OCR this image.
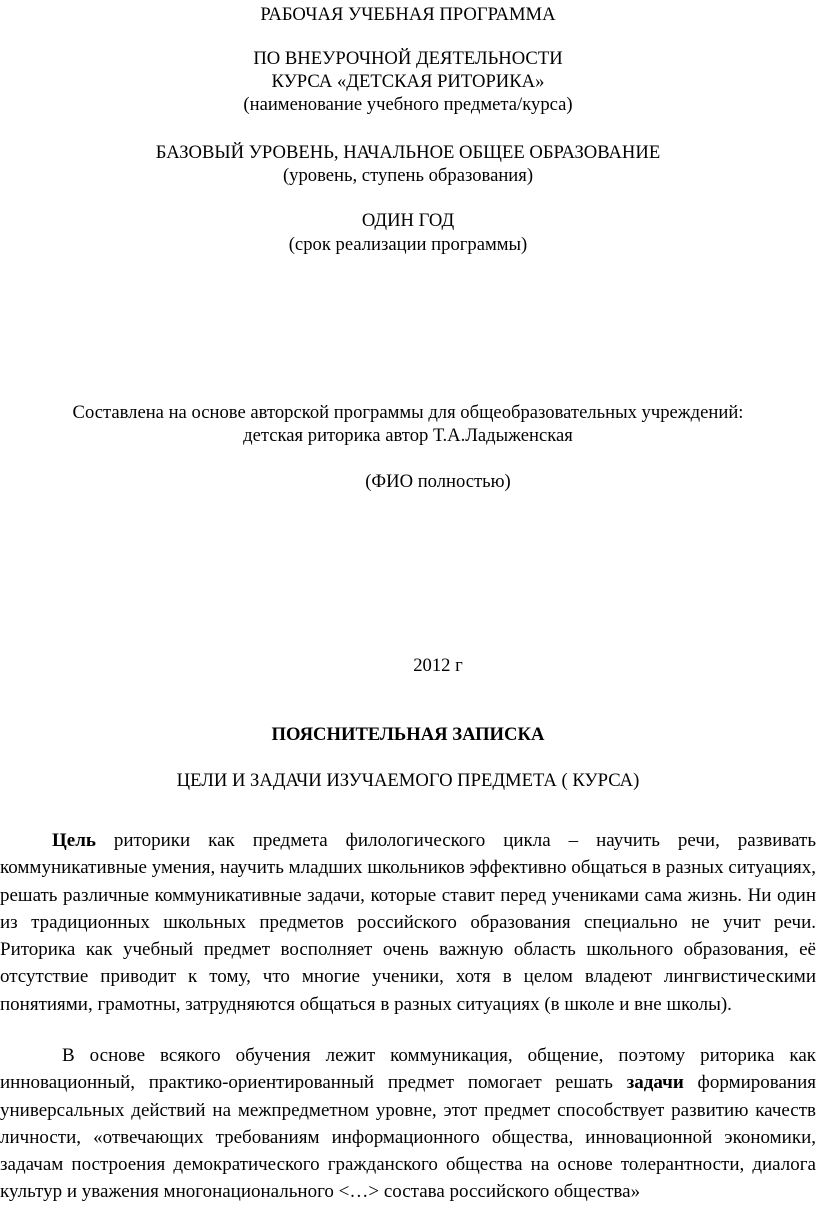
РАБОЧАЯ УЧЕБНАЯ ПРОГРАММА
ПО ВНЕУРОЧНОЙ ДЕЯТЕЛЬНОСТИ
КУРСА «ДЕТСКАЯ РИТОРИКА»
(наименование учебного предмета/курса)
БАЗОВЫЙ УРОВЕНЬ, НАЧАЛЬНОЕ ОБЩЕЕ ОБРАЗОВАНИЕ
(уровень, ступень образования)
ОДИН ГОД
(срок реализации программы)
Составлена на основе авторской программы для общеобразовательных учреждений:
детская риторика автор Т.А.Ладыженская
(ФИО полностью)
2012 г
ПОЯСНИТЕЛЬНАЯ ЗАПИСКА
ЦЕЛИ И ЗАДАЧИ ИЗУЧАЕМОГО ПРЕДМЕТА ( КУРСА)
Цель риторики как предмета филологического цикла – научить речи, развивать коммуникативные умения, научить младших школьников эффективно общаться в разных ситуациях, решать различные коммуникативные задачи, которые ставит перед учениками сама жизнь. Ни один из традиционных школьных предметов российского образования специально не учит речи. Риторика как учебный предмет восполняет очень важную область школьного образования, её отсутствие приводит к тому, что многие ученики, хотя в целом владеют лингвистическими понятиями, грамотны, затрудняются общаться в разных ситуациях (в школе и вне школы).
В основе всякого обучения лежит коммуникация, общение, поэтому риторика как инновационный, практико-ориентированный предмет помогает решать задачи формирования универсальных действий на межпредметном уровне, этот предмет способствует развитию качеств личности, «отвечающих требованиям информационного общества, инновационной экономики, задачам построения демократического гражданского общества на основе толерантности, диалога культур и уважения многонационального <…> состава российского общества»
